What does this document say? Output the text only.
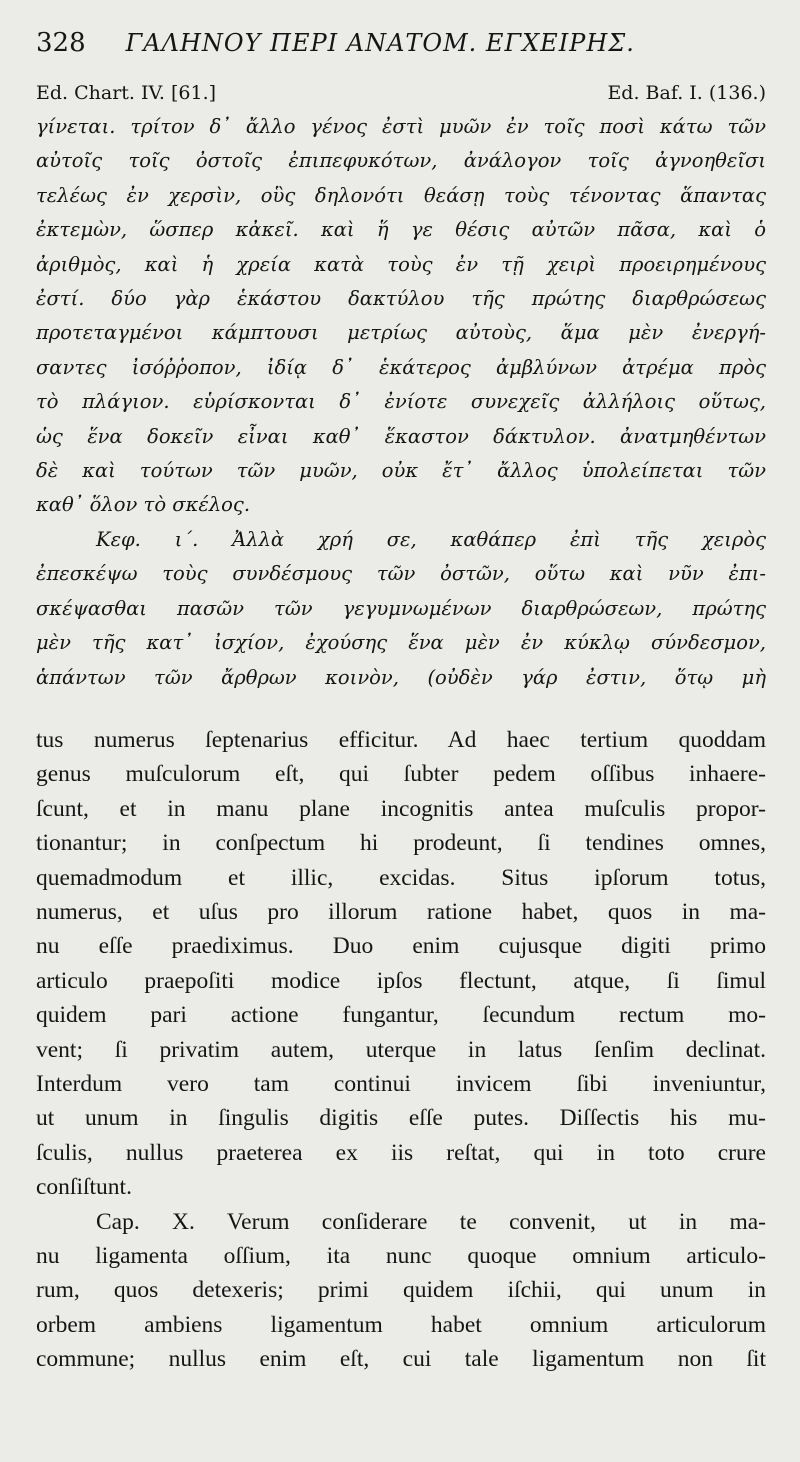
328 ΓΑΛΗΝΟΥ ΠΕΡΙ ΑΝΑΤΟΜ. ΕΓΧΕΙΡΗΣ.
Ed. Chart. IV. [61.]	Ed. Baf. I. (136.)
γίνεται. τρίτον δ᾽ ἄλλο γένος ἐστὶ μυῶν ἐν τοῖς ποσὶ κάτω τῶν
αὐτοῖς τοῖς ὀστοῖς ἐπιπεφυκότων, ἀνάλογον τοῖς ἀγνοηθεῖσι
τελέως ἐν χερσὶν, οὓς δηλονότι θεάσῃ τοὺς τένοντας ἅπαντας
ἐκτεμὼν, ὥσπερ κἀκεῖ. καὶ ἥ γε θέσις αὐτῶν πᾶσα, καὶ ὁ
ἀριθμὸς, καὶ ἡ χρεία κατὰ τοὺς ἐν τῇ χειρὶ προειρημένους
ἐστί. δύο γὰρ ἑκάστου δακτύλου τῆς πρώτης διαρθρώσεως
προτεταγμένοι κάμπτουσι μετρίως αὐτοὺς, ἅμα μὲν ἐνεργή-
σαντες ἰσόῤῥοπον, ἰδίᾳ δ᾽ ἑκάτερος ἀμβλύνων ἀτρέμα πρὸς
τὸ πλάγιον. εὑρίσκονται δ᾽ ἐνίοτε συνεχεῖς ἀλλήλοις οὕτως,
ὡς ἕνα δοκεῖν εἶναι καθ᾽ ἕκαστον δάκτυλον. ἀνατμηθέντων
δὲ καὶ τούτων τῶν μυῶν, οὐκ ἔτ᾽ ἄλλος ὑπολείπεται τῶν
καθ᾽ ὅλον τὸ σκέλος.
Κεφ. ι΄. Ἀλλὰ χρή σε, καθάπερ ἐπὶ τῆς χειρὸς
ἐπεσκέψω τοὺς συνδέσμους τῶν ὀστῶν, οὕτω καὶ νῦν ἐπι-
σκέψασθαι πασῶν τῶν γεγυμνωμένων διαρθρώσεων, πρώτης
μὲν τῆς κατ᾽ ἰσχίον, ἐχούσης ἕνα μὲν ἐν κύκλῳ σύνδεσμον,
ἁπάντων τῶν ἄρθρων κοινὸν, (οὐδὲν γάρ ἐστιν, ὅτῳ μὴ
tus numerus ſeptenarius efficitur. Ad haec tertium quoddam
genus muſculorum eſt, qui ſubter pedem oſſibus inhaere-
ſcunt, et in manu plane incognitis antea muſculis propor-
tionantur; in conſpectum hi prodeunt, ſi tendines omnes,
quemadmodum et illic, excidas. Situs ipſorum totus,
numerus, et uſus pro illorum ratione habet, quos in ma-
nu eſſe praediximus. Duo enim cujusque digiti primo
articulo praepoſiti modice ipſos flectunt, atque, ſi ſimul
quidem pari actione fungantur, ſecundum rectum mo-
vent; ſi privatim autem, uterque in latus ſenſim declinat.
Interdum vero tam continui invicem ſibi inveniuntur,
ut unum in ſingulis digitis eſſe putes. Diſſectis his mu-
ſculis, nullus praeterea ex iis reſtat, qui in toto crure
conſiſtunt.
Cap. X. Verum conſiderare te convenit, ut in ma-
nu ligamenta oſſium, ita nunc quoque omnium articulo-
rum, quos detexeris; primi quidem iſchii, qui unum in
orbem ambiens ligamentum habet omnium articulorum
commune; nullus enim eſt, cui tale ligamentum non ſit
